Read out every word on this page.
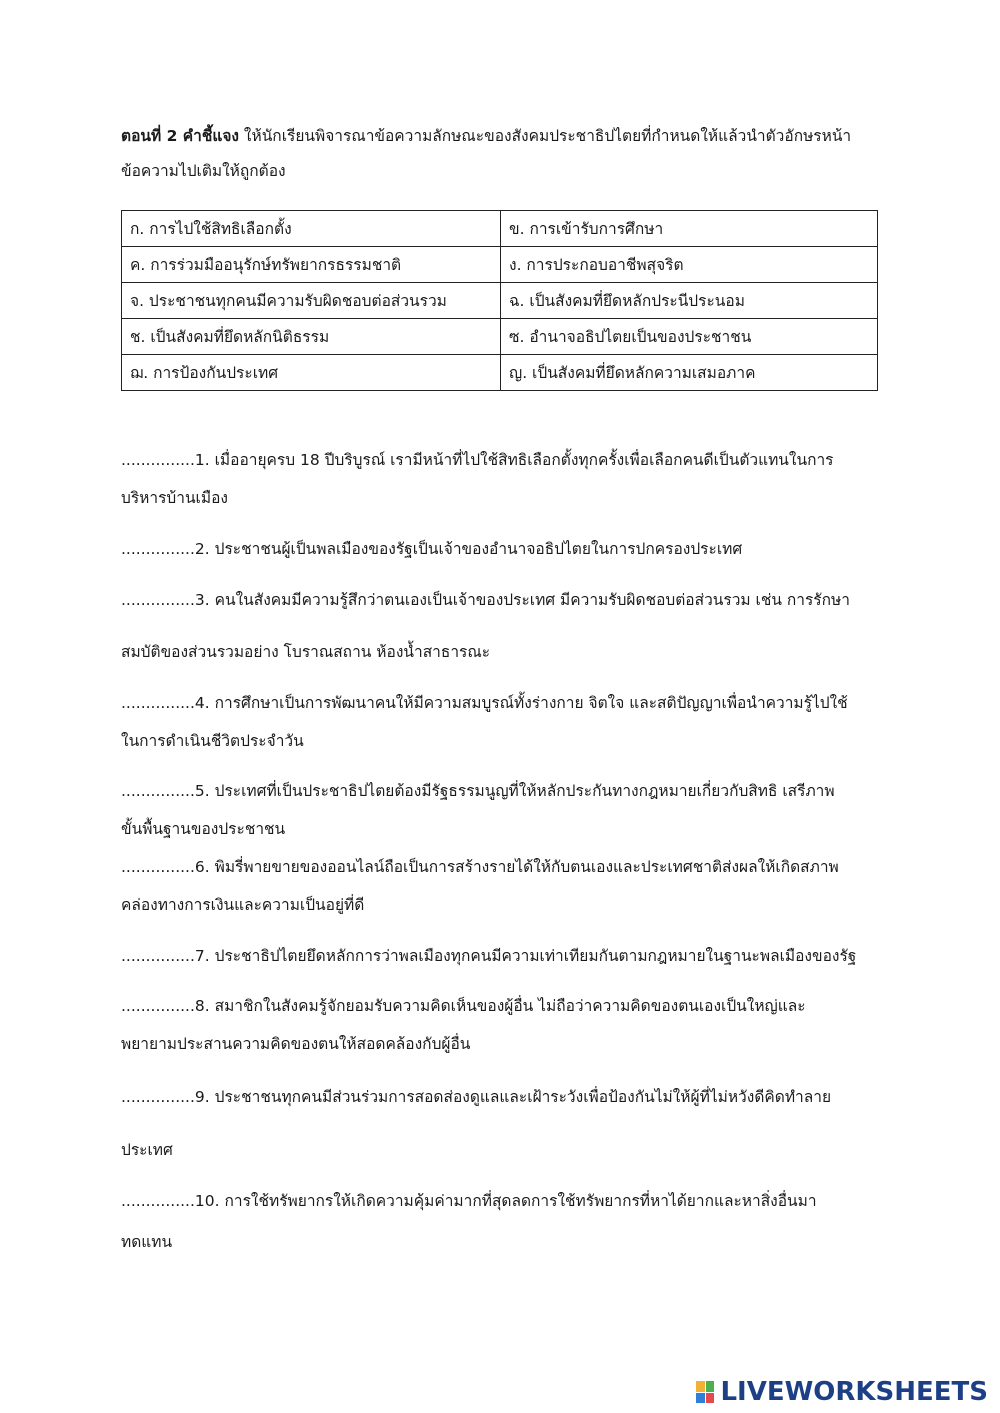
ตอนที่ 2 คำชี้แจง ให้นักเรียนพิจารณาข้อความลักษณะของสังคมประชาธิปไตยที่กำหนดให้แล้วนำตัวอักษรหน้าข้อความไปเติมให้ถูกต้อง
ก. การไปใช้สิทธิเลือกตั้ง	ข. การเข้ารับการศึกษา
ค. การร่วมมืออนุรักษ์ทรัพยากรธรรมชาติ	ง. การประกอบอาชีพสุจริต
จ. ประชาชนทุกคนมีความรับผิดชอบต่อส่วนรวม	ฉ. เป็นสังคมที่ยึดหลักประนีประนอม
ช. เป็นสังคมที่ยึดหลักนิติธรรม	ซ. อำนาจอธิปไตยเป็นของประชาชน
ฌ. การป้องกันประเทศ	ญ. เป็นสังคมที่ยึดหลักความเสมอภาค
...............1. เมื่ออายุครบ 18 ปีบริบูรณ์ เรามีหน้าที่ไปใช้สิทธิเลือกตั้งทุกครั้งเพื่อเลือกคนดีเป็นตัวแทนในการ
บริหารบ้านเมือง
...............2. ประชาชนผู้เป็นพลเมืองของรัฐเป็นเจ้าของอำนาจอธิปไตยในการปกครองประเทศ
...............3. คนในสังคมมีความรู้สึกว่าตนเองเป็นเจ้าของประเทศ มีความรับผิดชอบต่อส่วนรวม เช่น การรักษา
สมบัติของส่วนรวมอย่าง โบราณสถาน ห้องน้ำสาธารณะ
...............4. การศึกษาเป็นการพัฒนาคนให้มีความสมบูรณ์ทั้งร่างกาย จิตใจ และสติปัญญาเพื่อนำความรู้ไปใช้
ในการดำเนินชีวิตประจำวัน
...............5. ประเทศที่เป็นประชาธิปไตยต้องมีรัฐธรรมนูญที่ให้หลักประกันทางกฎหมายเกี่ยวกับสิทธิ เสรีภาพ
ขั้นพื้นฐานของประชาชน
...............6. พิมรี่พายขายของออนไลน์ถือเป็นการสร้างรายได้ให้กับตนเองและประเทศชาติส่งผลให้เกิดสภาพ
คล่องทางการเงินและความเป็นอยู่ที่ดี
...............7. ประชาธิปไตยยึดหลักการว่าพลเมืองทุกคนมีความเท่าเทียมกันตามกฎหมายในฐานะพลเมืองของรัฐ
...............8. สมาชิกในสังคมรู้จักยอมรับความคิดเห็นของผู้อื่น ไม่ถือว่าความคิดของตนเองเป็นใหญ่และ
พยายามประสานความคิดของตนให้สอดคล้องกับผู้อื่น
...............9. ประชาชนทุกคนมีส่วนร่วมการสอดส่องดูแลและเฝ้าระวังเพื่อป้องกันไม่ให้ผู้ที่ไม่หวังดีคิดทำลาย
ประเทศ
...............10. การใช้ทรัพยากรให้เกิดความคุ้มค่ามากที่สุดลดการใช้ทรัพยากรที่หาได้ยากและหาสิ่งอื่นมา
ทดแทน
LIVEWORKSHEETS
